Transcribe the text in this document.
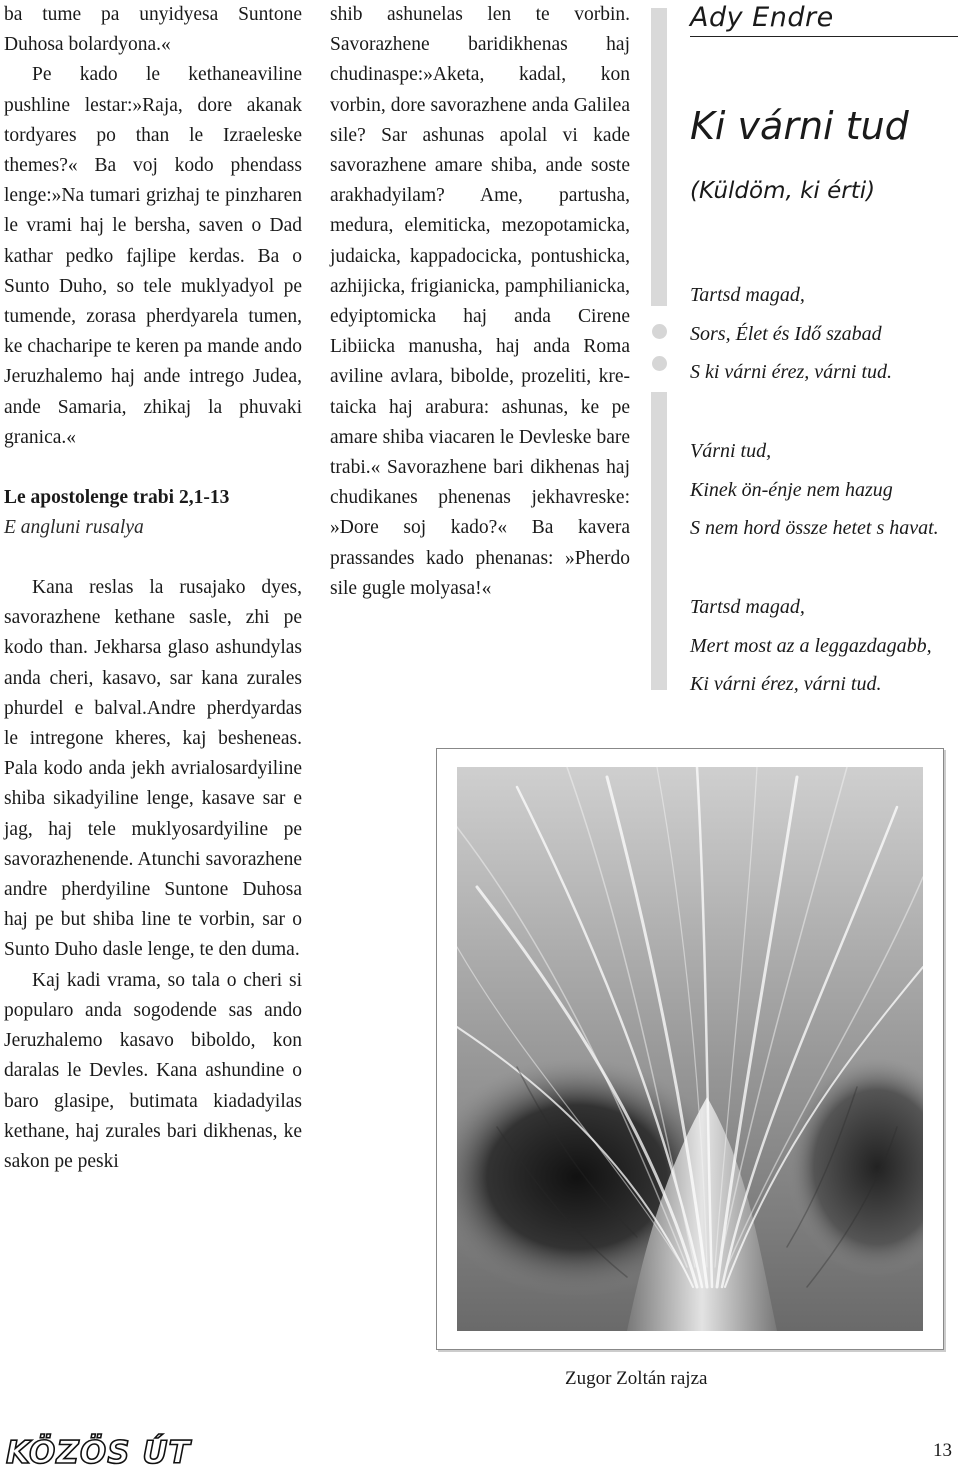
ba tume pa unyidyesa Suntone Duhosa bolardyona.«

Pe kado le kethaneaviline pushline lestar:»Raja, dore akanak tordyares po than le Izraeleske themes?« Ba voj kodo phendass lenge:»Na tumari grizhaj te pinzharen le vrami haj le bersha, saven o Dad kathar pedko fajlipe kerdas. Ba o Sunto Duho, so tele muklyadyol pe tumende, zorasa pherdyarela tumen, ke chacharipe te keren pa mande ando Jeruzhalemo haj ande intrego Judea, ande Samaria, zhikaj la phuvaki granica.«

Le apostolenge trabi 2,1-13

E angluni rusalya

Kana reslas la rusajako dyes, savorazhene kethane sasle, zhi pe kodo than. Jekharsa glaso ashundylas anda cheri, kasavo, sar kana zurales phurdel e balval.Andre pherdyardas le intregone kheres, kaj besheneas. Pala kodo anda jekh avrialosardyiline shiba sikadyiline lenge, kasave sar e jag, haj tele muklyosardyiline pe savorazhenende. Atunchi savorazhene andre pherdyiline Suntone Duhosa haj pe but shiba line te vorbin, sar o Sunto Duho dasle lenge, te den duma.

Kaj kadi vrama, so tala o cheri si popularo anda sogodende sas ando Jeruzhalemo kasavo biboldo, kon daralas le Devles. Kana ashundine o baro glasipe, butimata kiadadyilas kethane, haj zurales bari dikhenas, ke sakon pe peski

shib ashunelas len te vorbin. Savorazhene baridikhenas haj chudinaspe:»Aketa, kadal, kon vorbin, dore savorazhene anda Galilea sile? Sar ashunas apolal vi kade savorazhene amare shiba, ande soste arakhadyilam? Ame, partusha, medura, elemiticka, mezopotamicka, judaicka, kappadocicka, pontushicka, azhijicka, frigianicka, pamphilianicka, edyiptomicka haj anda Cirene Libiicka manusha, haj anda Roma aviline avlara, bibolde, prozeliti, kretaicka haj arabura: ashunas, ke pe amare shiba viacaren le Devleske bare trabi.« Savorazhene bari dikhenas haj chudikanes phenenas jekhavreske: »Dore soj kado?« Ba kavera prassandes kado phenanas: »Pherdo sile gugle molyasa!«

Ady Endre
Ki várni tud
(Küldöm, ki érti)
Tartsd magad,
Sors, Élet és Idő szabad
S ki várni érez, várni tud.
Várni tud,
Kinek ön-énje nem hazug
S nem hord össze hetet s havat.
Tartsd magad,
Mert most az a leggazdagabb,
Ki várni érez, várni tud.
Zugor Zoltán rajza
KÖZÖS ÚT	13
